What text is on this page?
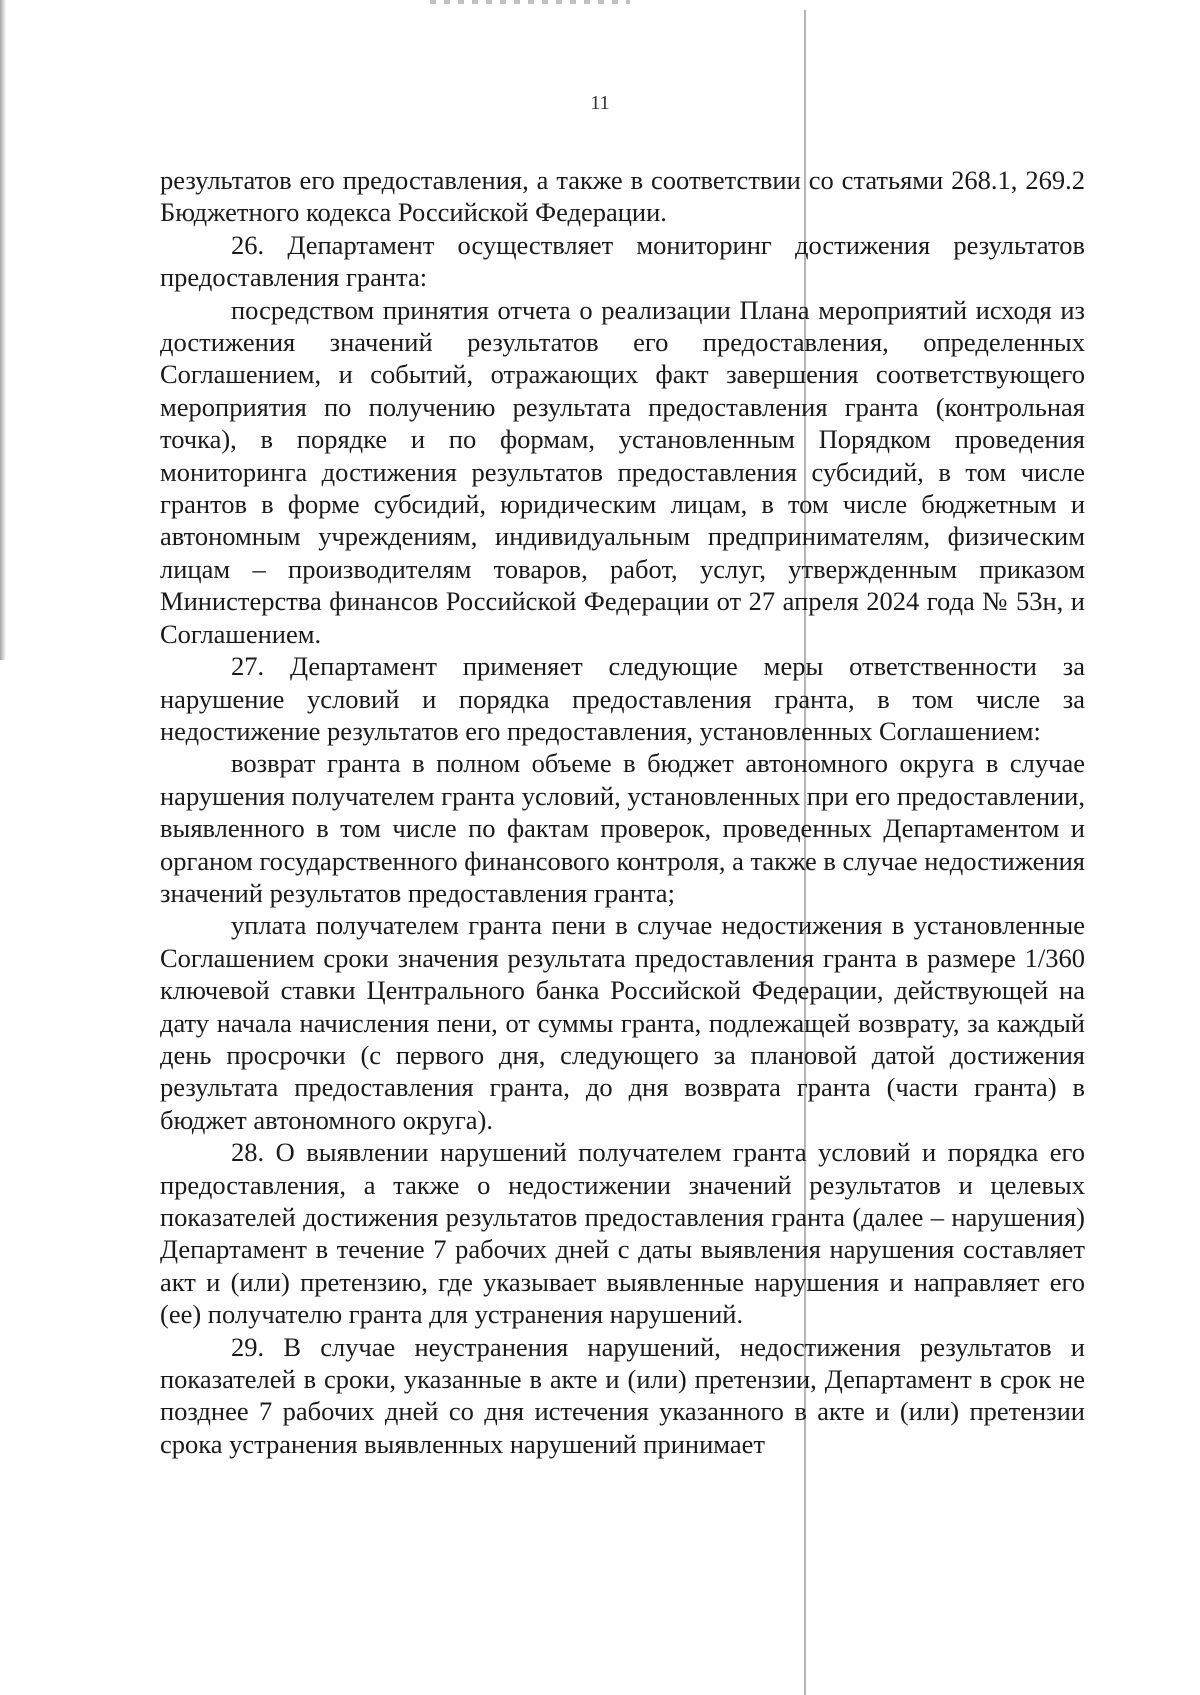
11

результатов его предоставления, а также в соответствии со статьями 268.1, 269.2 Бюджетного кодекса Российской Федерации.

26. Департамент осуществляет мониторинг достижения результатов предоставления гранта:

посредством принятия отчета о реализации Плана мероприятий исходя из достижения значений результатов его предоставления, определенных Соглашением, и событий, отражающих факт завершения соответствующего мероприятия по получению результата предоставления гранта (контрольная точка), в порядке и по формам, установленным Порядком проведения мониторинга достижения результатов предоставления субсидий, в том числе грантов в форме субсидий, юридическим лицам, в том числе бюджетным и автономным учреждениям, индивидуальным предпринимателям, физическим лицам – производителям товаров, работ, услуг, утвержденным приказом Министерства финансов Российской Федерации от 27 апреля 2024 года № 53н, и Соглашением.

27. Департамент применяет следующие меры ответственности за нарушение условий и порядка предоставления гранта, в том числе за недостижение результатов его предоставления, установленных Соглашением:

возврат гранта в полном объеме в бюджет автономного округа в случае нарушения получателем гранта условий, установленных при его предоставлении, выявленного в том числе по фактам проверок, проведенных Департаментом и органом государственного финансового контроля, а также в случае недостижения значений результатов предоставления гранта;

уплата получателем гранта пени в случае недостижения в установленные Соглашением сроки значения результата предоставления гранта в размере 1/360 ключевой ставки Центрального банка Российской Федерации, действующей на дату начала начисления пени, от суммы гранта, подлежащей возврату, за каждый день просрочки (с первого дня, следующего за плановой датой достижения результата предоставления гранта, до дня возврата гранта (части гранта) в бюджет автономного округа).

28. О выявлении нарушений получателем гранта условий и порядка его предоставления, а также о недостижении значений результатов и целевых показателей достижения результатов предоставления гранта (далее – нарушения) Департамент в течение 7 рабочих дней с даты выявления нарушения составляет акт и (или) претензию, где указывает выявленные нарушения и направляет его (ее) получателю гранта для устранения нарушений.

29. В случае неустранения нарушений, недостижения результатов и показателей в сроки, указанные в акте и (или) претензии, Департамент в срок не позднее 7 рабочих дней со дня истечения указанного в акте и (или) претензии срока устранения выявленных нарушений принимает
